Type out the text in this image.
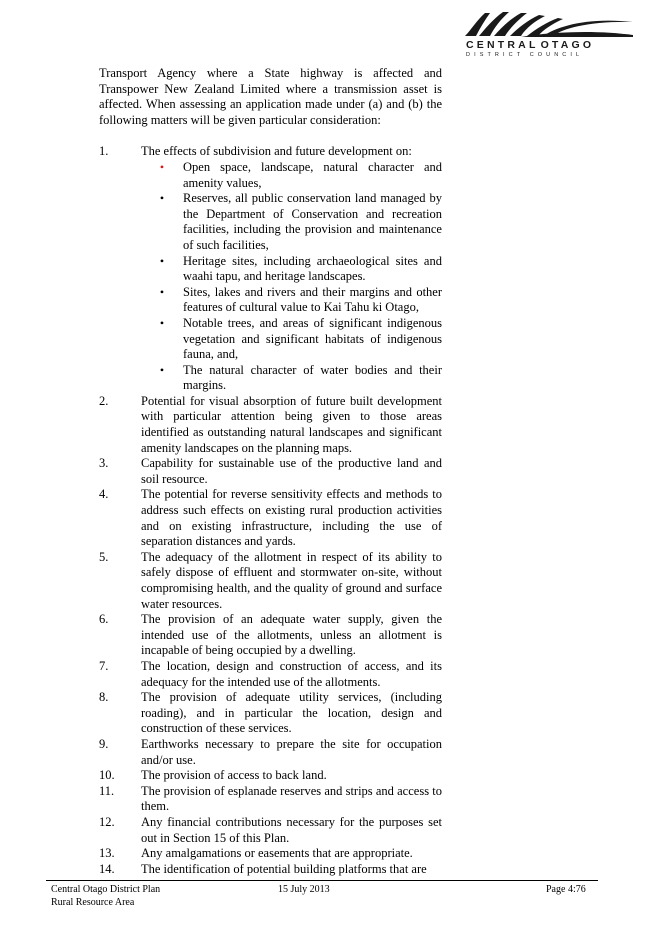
CENTRAL OTAGO
DISTRICT COUNCIL

Transport Agency where a State highway is affected and Transpower New Zealand Limited where a transmission asset is affected. When assessing an application made under (a) and (b) the following matters will be given particular consideration:

1.	The effects of subdivision and future development on:
•	Open space, landscape, natural character and amenity values,
•	Reserves, all public conservation land managed by the Department of Conservation and recreation facilities, including the provision and maintenance of such facilities,
•	Heritage sites, including archaeological sites and waahi tapu, and heritage landscapes.
•	Sites, lakes and rivers and their margins and other features of cultural value to Kai Tahu ki Otago,
•	Notable trees, and areas of significant indigenous vegetation and significant habitats of indigenous fauna, and,
•	The natural character of water bodies and their margins.
2.	Potential for visual absorption of future built development with particular attention being given to those areas identified as outstanding natural landscapes and significant amenity landscapes on the planning maps.
3.	Capability for sustainable use of the productive land and soil resource.
4.	The potential for reverse sensitivity effects and methods to address such effects on existing rural production activities and on existing infrastructure, including the use of separation distances and yards.
5.	The adequacy of the allotment in respect of its ability to safely dispose of effluent and stormwater on-site, without compromising health, and the quality of ground and surface water resources.
6.	The provision of an adequate water supply, given the intended use of the allotments, unless an allotment is incapable of being occupied by a dwelling.
7.	The location, design and construction of access, and its adequacy for the intended use of the allotments.
8.	The provision of adequate utility services, (including roading), and in particular the location, design and construction of these services.
9.	Earthworks necessary to prepare the site for occupation and/or use.
10.	The provision of access to back land.
11.	The provision of esplanade reserves and strips and access to them.
12.	Any financial contributions necessary for the purposes set out in Section 15 of this Plan.
13.	Any amalgamations or easements that are appropriate.
14.	The identification of potential building platforms that are
Central Otago District Plan
Rural Resource Area
15 July 2013	Page 4:76
